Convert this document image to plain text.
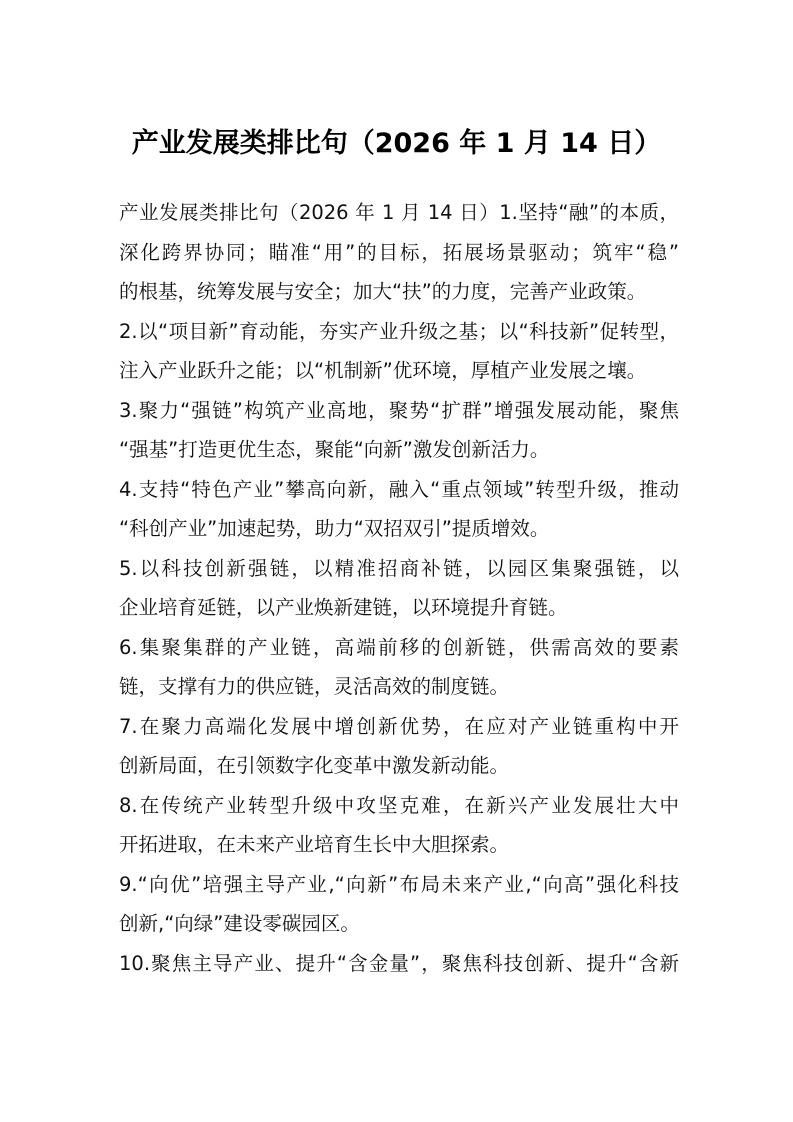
产业发展类排比句（2026 年 1 月 14 日）
产业发展类排比句（2026 年 1 月 14 日）1.坚持“融”的本质，
深化跨界协同；瞄准“用”的目标，拓展场景驱动；筑牢“稳”
的根基，统筹发展与安全；加大“扶”的力度，完善产业政策。
2.以“项目新”育动能，夯实产业升级之基；以“科技新”促转型，
注入产业跃升之能；以“机制新”优环境，厚植产业发展之壤。
3.聚力“强链”构筑产业高地，聚势“扩群”增强发展动能，聚焦
“强基”打造更优生态，聚能“向新”激发创新活力。
4.支持“特色产业”攀高向新，融入“重点领域”转型升级，推动
“科创产业”加速起势，助力“双招双引”提质增效。
5.以科技创新强链，以精准招商补链，以园区集聚强链，以
企业培育延链，以产业焕新建链，以环境提升育链。
6.集聚集群的产业链，高端前移的创新链，供需高效的要素
链，支撑有力的供应链，灵活高效的制度链。
7.在聚力高端化发展中增创新优势，在应对产业链重构中开
创新局面，在引领数字化变革中激发新动能。
8.在传统产业转型升级中攻坚克难，在新兴产业发展壮大中
开拓进取，在未来产业培育生长中大胆探索。
9.“向优”培强主导产业,“向新”布局未来产业,“向高”强化科技
创新,“向绿”建设零碳园区。
10.聚焦主导产业、提升“含金量”，聚焦科技创新、提升“含新
